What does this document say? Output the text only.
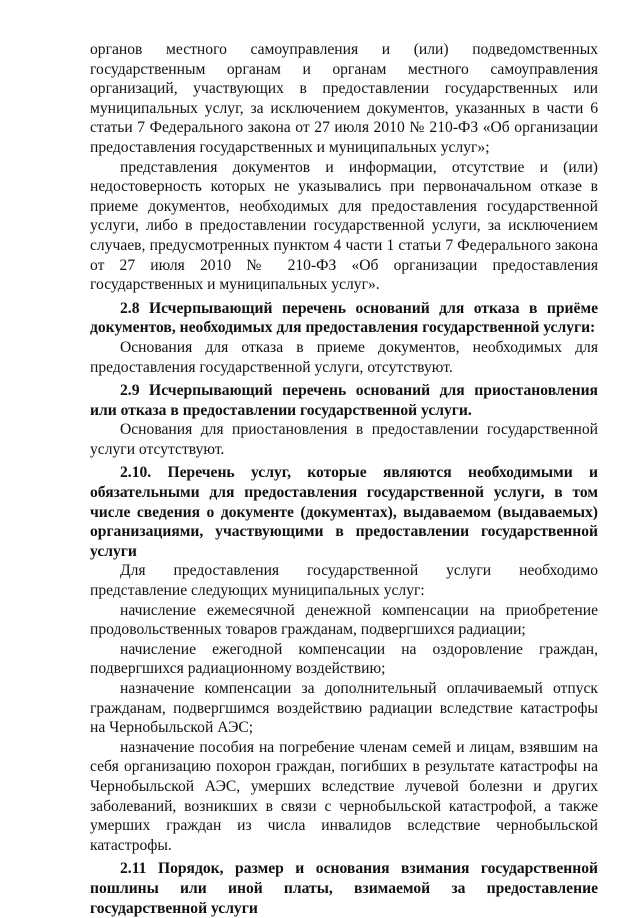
органов местного самоуправления и (или) подведомственных государственным органам и органам местного самоуправления организаций, участвующих в предоставлении государственных или муниципальных услуг, за исключением документов, указанных в части 6 статьи 7 Федерального закона от 27 июля 2010 № 210-ФЗ «Об организации предоставления государственных и муниципальных услуг»;

представления документов и информации, отсутствие и (или) недостоверность которых не указывались при первоначальном отказе в приеме документов, необходимых для предоставления государственной услуги, либо в предоставлении государственной услуги, за исключением случаев, предусмотренных пунктом 4 части 1 статьи 7 Федерального закона от 27 июля 2010 № 210-ФЗ «Об организации предоставления государственных и муниципальных услуг».

2.8 Исчерпывающий перечень оснований для отказа в приёме документов, необходимых для предоставления государственной услуги:

Основания для отказа в приеме документов, необходимых для предоставления государственной услуги, отсутствуют.

2.9 Исчерпывающий перечень оснований для приостановления или отказа в предоставлении государственной услуги.

Основания для приостановления в предоставлении государственной услуги отсутствуют.

2.10. Перечень услуг, которые являются необходимыми и обязательными для предоставления государственной услуги, в том числе сведения о документе (документах), выдаваемом (выдаваемых) организациями, участвующими в предоставлении государственной услуги

Для предоставления государственной услуги необходимо представление следующих муниципальных услуг:

начисление ежемесячной денежной компенсации на приобретение продовольственных товаров гражданам, подвергшихся радиации;

начисление ежегодной компенсации на оздоровление граждан, подвергшихся радиационному воздействию;

назначение компенсации за дополнительный оплачиваемый отпуск гражданам, подвергшимся воздействию радиации вследствие катастрофы на Чернобыльской АЭС;

назначение пособия на погребение членам семей и лицам, взявшим на себя организацию похорон граждан, погибших в результате катастрофы на Чернобыльской АЭС, умерших вследствие лучевой болезни и других заболеваний, возникших в связи с чернобыльской катастрофой, а также умерших граждан из числа инвалидов вследствие чернобыльской катастрофы.

2.11 Порядок, размер и основания взимания государственной пошлины или иной платы, взимаемой за предоставление государственной услуги
